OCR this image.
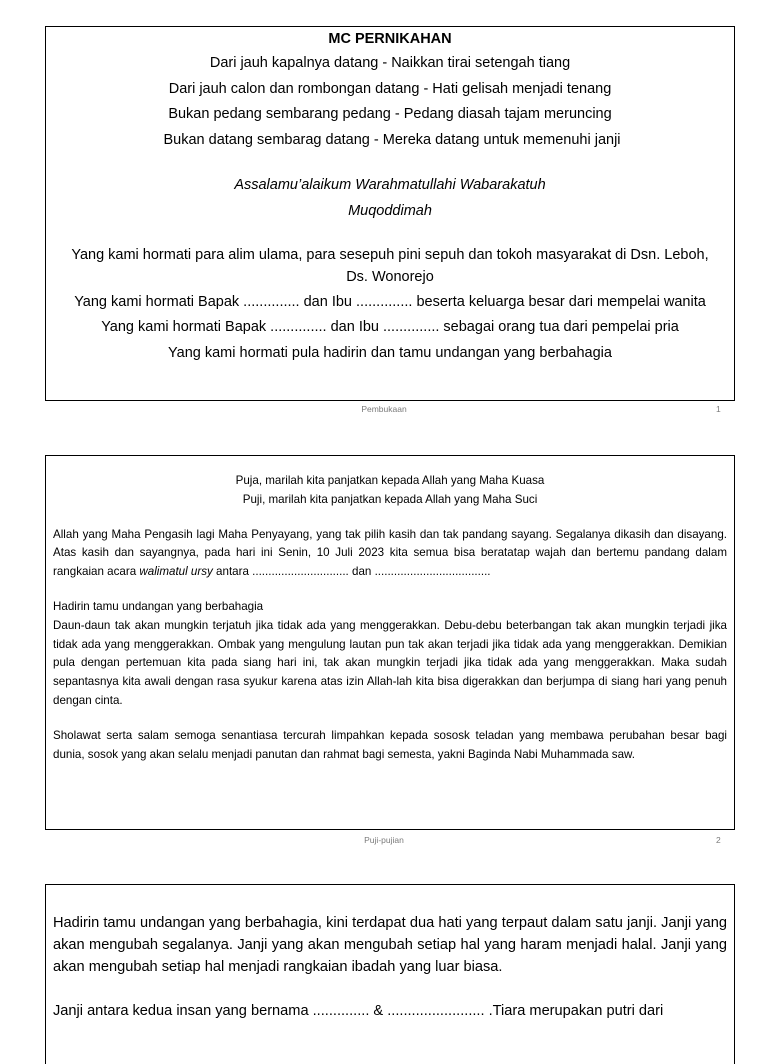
MC PERNIKAHAN
Dari jauh kapalnya datang - Naikkan tirai setengah tiang
Dari jauh calon dan rombongan datang - Hati gelisah menjadi tenang
Bukan pedang sembarang pedang - Pedang diasah tajam meruncing
Bukan datang sembarag datang - Mereka datang untuk memenuhi janji
Assalamu’alaikum Warahmatullahi Wabarakatuh
Muqoddimah
Yang kami hormati para alim ulama, para sesepuh pini sepuh dan tokoh masyarakat di Dsn. Leboh, Ds. Wonorejo
Yang kami hormati Bapak .............. dan Ibu .............. beserta keluarga besar dari mempelai wanita
Yang kami hormati Bapak .............. dan Ibu .............. sebagai orang tua dari pempelai pria
Yang kami hormati pula hadirin dan tamu undangan yang berbahagia
Pembukaan	1
Puja, marilah kita panjatkan kepada Allah yang Maha Kuasa
Puji, marilah kita panjatkan kepada Allah yang Maha Suci
Allah yang Maha Pengasih lagi Maha Penyayang, yang tak pilih kasih dan tak pandang sayang. Segalanya dikasih dan disayang. Atas kasih dan sayangnya, pada hari ini Senin, 10 Juli 2023 kita semua bisa beratatap wajah dan bertemu pandang dalam rangkaian acara walimatul ursy antara .............................. dan ....................................
Hadirin tamu undangan yang berbahagia
Daun-daun tak akan mungkin terjatuh jika tidak ada yang menggerakkan. Debu-debu beterbangan tak akan mungkin terjadi jika tidak ada yang menggerakkan. Ombak yang mengulung lautan pun tak akan terjadi jika tidak ada yang menggerakkan. Demikian pula dengan pertemuan kita pada siang hari ini, tak akan mungkin terjadi jika tidak ada yang menggerakkan. Maka sudah sepantasnya kita awali dengan rasa syukur karena atas izin Allah-lah kita bisa digerakkan dan berjumpa di siang hari yang penuh dengan cinta.
Sholawat serta salam semoga senantiasa tercurah limpahkan kepada sososk teladan yang membawa perubahan besar bagi dunia, sosok yang akan selalu menjadi panutan dan rahmat bagi semesta, yakni Baginda Nabi Muhammada saw.
Puji-pujian	2
Hadirin tamu undangan yang berbahagia, kini terdapat dua hati yang terpaut dalam satu janji. Janji yang akan mengubah segalanya. Janji yang akan mengubah setiap hal yang haram menjadi halal. Janji yang akan mengubah setiap hal menjadi rangkaian ibadah yang luar biasa.
Janji antara kedua insan yang bernama .............. & ........................ .Tiara merupakan putri dari
